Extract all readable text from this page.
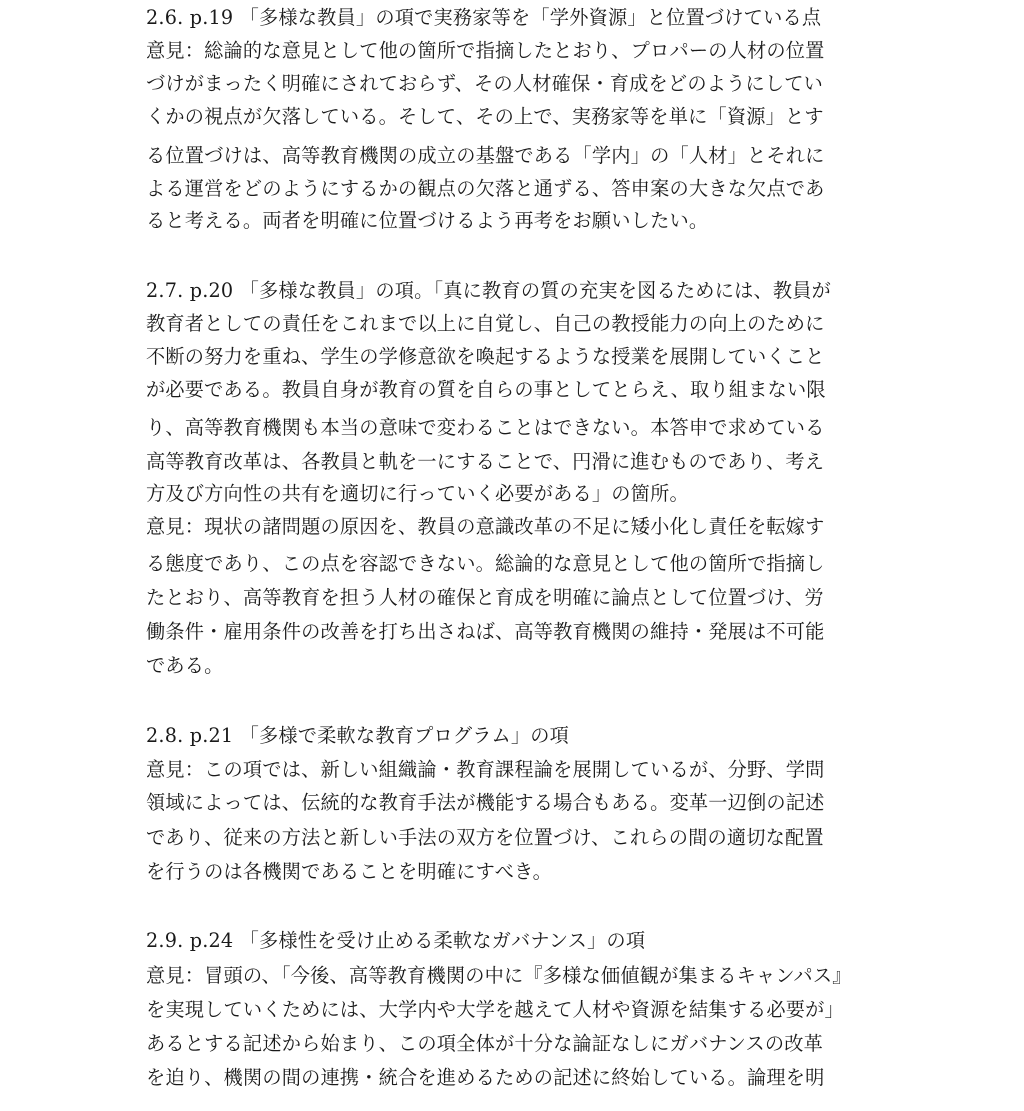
2.6. p.19 「多様な教員」の項で実務家等を「学外資源」と位置づけている点
意見：総論的な意見として他の箇所で指摘したとおり、プロパーの人材の位置
づけがまったく明確にされておらず、その人材確保・育成をどのようにしてい
くかの視点が欠落している。そして、その上で、実務家等を単に「資源」とす
る位置づけは、高等教育機関の成立の基盤である「学内」の「人材」とそれに
よる運営をどのようにするかの観点の欠落と通ずる、答申案の大きな欠点であ
ると考える。両者を明確に位置づけるよう再考をお願いしたい。
2.7. p.20 「多様な教員」の項。「真に教育の質の充実を図るためには、教員が
教育者としての責任をこれまで以上に自覚し、自己の教授能力の向上のために
不断の努力を重ね、学生の学修意欲を喚起するような授業を展開していくこと
が必要である。教員自身が教育の質を自らの事としてとらえ、取り組まない限
り、高等教育機関も本当の意味で変わることはできない。本答申で求めている
高等教育改革は、各教員と軌を一にすることで、円滑に進むものであり、考え
方及び方向性の共有を適切に行っていく必要がある」の箇所。
意見：現状の諸問題の原因を、教員の意識改革の不足に矮小化し責任を転嫁す
る態度であり、この点を容認できない。総論的な意見として他の箇所で指摘し
たとおり、高等教育を担う人材の確保と育成を明確に論点として位置づけ、労
働条件・雇用条件の改善を打ち出さねば、高等教育機関の維持・発展は不可能
である。
2.8. p.21 「多様で柔軟な教育プログラム」の項
意見：この項では、新しい組織論・教育課程論を展開しているが、分野、学問
領域によっては、伝統的な教育手法が機能する場合もある。変革一辺倒の記述
であり、従来の方法と新しい手法の双方を位置づけ、これらの間の適切な配置
を行うのは各機関であることを明確にすべき。
2.9. p.24 「多様性を受け止める柔軟なガバナンス」の項
意見：冒頭の、「今後、高等教育機関の中に『多様な価値観が集まるキャンパス』
を実現していくためには、大学内や大学を越えて人材や資源を結集する必要が」
あるとする記述から始まり、この項全体が十分な論証なしにガバナンスの改革
を迫り、機関の間の連携・統合を進めるための記述に終始している。論理を明
